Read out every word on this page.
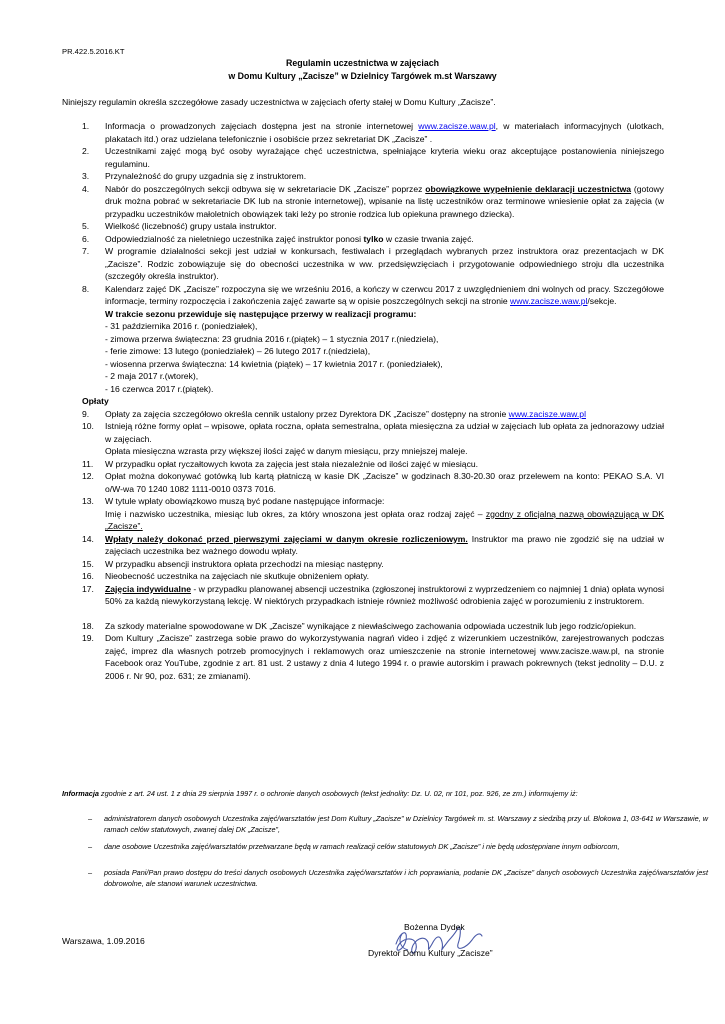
PR.422.5.2016.KT
Regulamin uczestnictwa w zajęciach
w Domu Kultury „Zacisze” w Dzielnicy Targówek m.st Warszawy
Niniejszy regulamin określa szczegółowe zasady uczestnictwa w zajęciach oferty stałej w Domu Kultury „Zacisze”.
1. Informacja o prowadzonych zajęciach dostępna jest na stronie internetowej www.zacisze.waw.pl, w materiałach informacyjnych (ulotkach, plakatach itd.) oraz udzielana telefonicznie i osobiście przez sekretariat DK „Zacisze” .
2. Uczestnikami zajęć mogą być osoby wyrażające chęć uczestnictwa, spełniające kryteria wieku oraz akceptujące postanowienia niniejszego regulaminu.
3. Przynależność do grupy uzgadnia się z instruktorem.
4. Nabór do poszczególnych sekcji odbywa się w sekretariacie DK „Zacisze” poprzez obowiązkowe wypełnienie deklaracji uczestnictwa (gotowy druk można pobrać w sekretariacie DK lub na stronie internetowej), wpisanie na listę uczestników oraz terminowe wniesienie opłat za zajęcia (w przypadku uczestników małoletnich obowiązek taki leży po stronie rodzica lub opiekuna prawnego dziecka).
5. Wielkość (liczebność) grupy ustala instruktor.
6. Odpowiedzialność za nieletniego uczestnika zajęć instruktor ponosi tylko w czasie trwania zajęć.
7. W programie działalności sekcji jest udział w konkursach, festiwalach i przeglądach wybranych przez instruktora oraz prezentacjach w DK „Zacisze”. Rodzic zobowiązuje się do obecności uczestnika w ww. przedsięwzięciach i przygotowanie odpowiedniego stroju dla uczestnika (szczegóły określa instruktor).
8. Kalendarz zajęć DK „Zacisze” rozpoczyna się we wrześniu 2016, a kończy w czerwcu 2017 z uwzględnieniem dni wolnych od pracy. Szczegółowe informacje, terminy rozpoczęcia i zakończenia zajęć zawarte są w opisie poszczególnych sekcji na stronie www.zacisze.waw.pl/sekcje.
W trakcie sezonu przewiduje się następujące przerwy w realizacji programu:
- 31 października 2016 r. (poniedziałek),
- zimowa przerwa świąteczna: 23 grudnia 2016 r.(piątek) – 1 stycznia 2017 r.(niedziela),
- ferie zimowe: 13 lutego (poniedziałek) – 26 lutego 2017 r.(niedziela),
- wiosenna przerwa świąteczna: 14 kwietnia (piątek) – 17 kwietnia 2017 r. (poniedziałek),
- 2 maja 2017 r.(wtorek),
- 16 czerwca 2017 r.(piątek).
Opłaty
9. Opłaty za zajęcia szczegółowo określa cennik ustalony przez Dyrektora DK „Zacisze” dostępny na stronie www.zacisze.waw.pl
10. Istnieją różne formy opłat – wpisowe, opłata roczna, opłata semestralna, opłata miesięczna za udział w zajęciach lub opłata za jednorazowy udział w zajęciach.
Opłata miesięczna wzrasta przy większej ilości zajęć w danym miesiącu, przy mniejszej maleje.
11. W przypadku opłat ryczałtowych kwota za zajęcia jest stała niezależnie od ilości zajęć w miesiącu.
12. Opłat można dokonywać gotówką lub kartą płatniczą w kasie DK „Zacisze” w godzinach 8.30-20.30 oraz przelewem na konto: PEKAO S.A. VI o/W-wa 70 1240 1082 1111-0010 0373 7016.
13. W tytule wpłaty obowiązkowo muszą być podane następujące informacje:
Imię i nazwisko uczestnika, miesiąc lub okres, za który wnoszona jest opłata oraz rodzaj zajęć – zgodny z oficjalną nazwą obowiązującą w DK „Zacisze”.
14. Wpłaty należy dokonać przed pierwszymi zajęciami w danym okresie rozliczeniowym. Instruktor ma prawo nie zgodzić się na udział w zajęciach uczestnika bez ważnego dowodu wpłaty.
15. W przypadku absencji instruktora opłata przechodzi na miesiąc następny.
16. Nieobecność uczestnika na zajęciach nie skutkuje obniżeniem opłaty.
17. Zajęcia indywidualne - w przypadku planowanej absencji uczestnika (zgłoszonej instruktorowi z wyprzedzeniem co najmniej 1 dnia) opłata wynosi 50% za każdą niewykorzystaną lekcję. W niektórych przypadkach istnieje również możliwość odrobienia zajęć w porozumieniu z instruktorem.
18. Za szkody materialne spowodowane w DK „Zacisze” wynikające z niewłaściwego zachowania odpowiada uczestnik lub jego rodzic/opiekun.
19. Dom Kultury „Zacisze” zastrzega sobie prawo do wykorzystywania nagrań video i zdjęć z wizerunkiem uczestników, zarejestrowanych podczas zajęć, imprez dla własnych potrzeb promocyjnych i reklamowych oraz umieszczenie na stronie internetowej www.zacisze.waw.pl, na stronie Facebook oraz YouTube, zgodnie z art. 81 ust. 2 ustawy z dnia 4 lutego 1994 r. o prawie autorskim i prawach pokrewnych (tekst jednolity – D.U. z 2006 r. Nr 90, poz. 631; ze zmianami).
Informacja zgodnie z art. 24 ust. 1 z dnia 29 sierpnia 1997 r. o ochronie danych osobowych (tekst jednolity: Dz. U. 02, nr 101, poz. 926, ze zm.) informujemy iż:
– administratorem danych osobowych Uczestnika zajęć/warsztatów jest Dom Kultury „Zacisze” w Dzielnicy Targówek m. st. Warszawy z siedzibą przy ul. Blokowa 1, 03-641 w Warszawie, w ramach celów statutowych, zwanej dalej DK „Zacisze”,
– dane osobowe Uczestnika zajęć/warsztatów przetwarzane będą w ramach realizacji celów statutowych DK „Zacisze” i nie będą udostępniane innym odbiorcom,
– posiada Pani/Pan prawo dostępu do treści danych osobowych Uczestnika zajęć/warsztatów i ich poprawiania, podanie DK „Zacisze” danych osobowych Uczestnika zajęć/warsztatów jest dobrowolne, ale stanowi warunek uczestnictwa.
Warszawa, 1.09.2016
Bożenna Dydek
Dyrektor Domu Kultury „Zacisze”
